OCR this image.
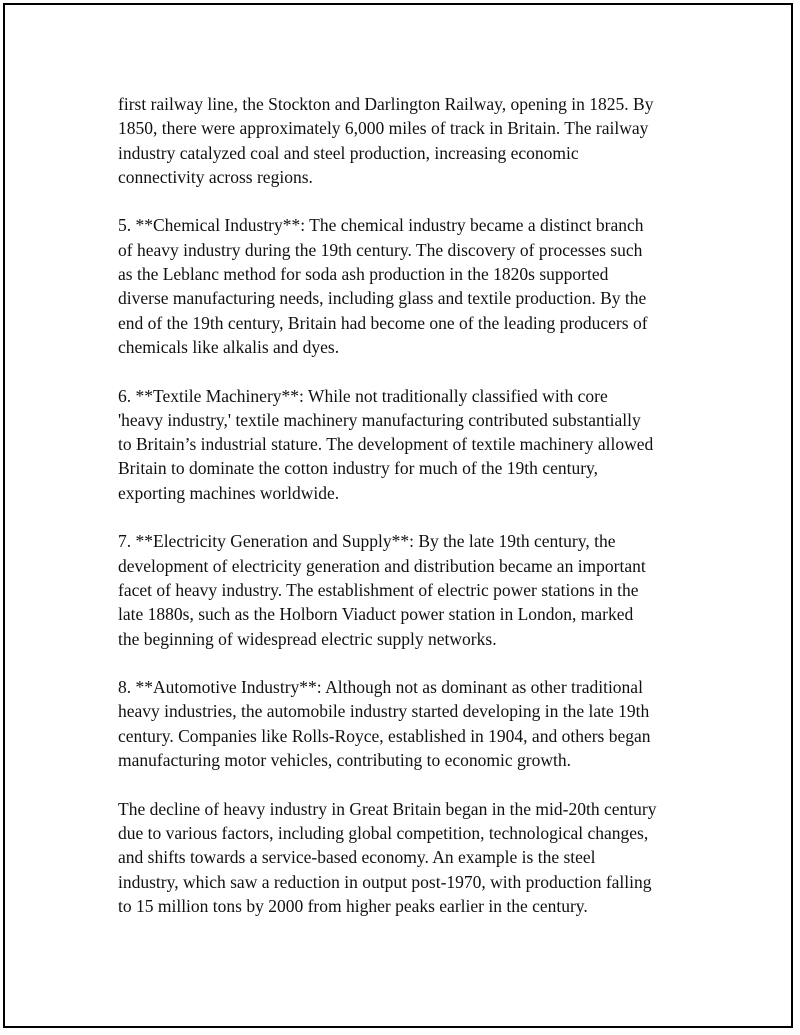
first railway line, the Stockton and Darlington Railway, opening in 1825. By
1850, there were approximately 6,000 miles of track in Britain. The railway
industry catalyzed coal and steel production, increasing economic
connectivity across regions.

5. **Chemical Industry**: The chemical industry became a distinct branch
of heavy industry during the 19th century. The discovery of processes such
as the Leblanc method for soda ash production in the 1820s supported
diverse manufacturing needs, including glass and textile production. By the
end of the 19th century, Britain had become one of the leading producers of
chemicals like alkalis and dyes.

6. **Textile Machinery**: While not traditionally classified with core
'heavy industry,' textile machinery manufacturing contributed substantially
to Britain’s industrial stature. The development of textile machinery allowed
Britain to dominate the cotton industry for much of the 19th century,
exporting machines worldwide.

7. **Electricity Generation and Supply**: By the late 19th century, the
development of electricity generation and distribution became an important
facet of heavy industry. The establishment of electric power stations in the
late 1880s, such as the Holborn Viaduct power station in London, marked
the beginning of widespread electric supply networks.

8. **Automotive Industry**: Although not as dominant as other traditional
heavy industries, the automobile industry started developing in the late 19th
century. Companies like Rolls-Royce, established in 1904, and others began
manufacturing motor vehicles, contributing to economic growth.

The decline of heavy industry in Great Britain began in the mid-20th century
due to various factors, including global competition, technological changes,
and shifts towards a service-based economy. An example is the steel
industry, which saw a reduction in output post-1970, with production falling
to 15 million tons by 2000 from higher peaks earlier in the century.
